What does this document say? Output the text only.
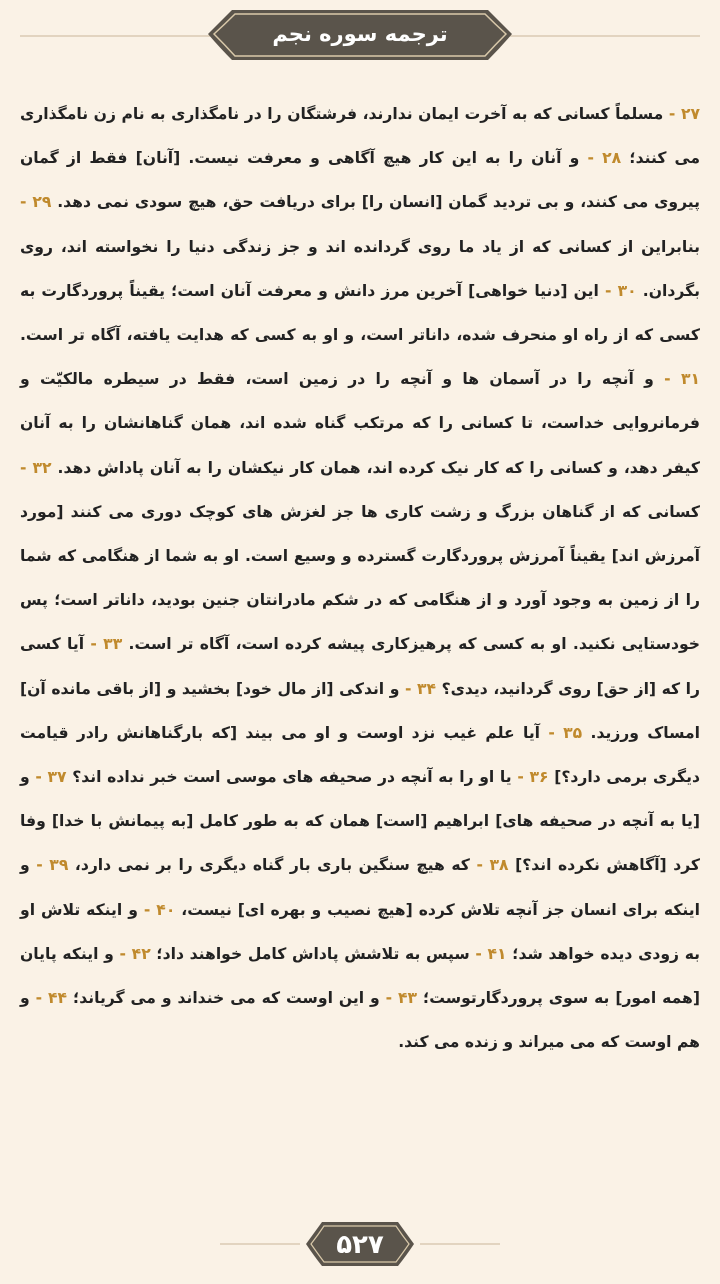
ترجمه سوره نجم
۲۷ - مسلماً کسانی که به آخرت ایمان ندارند، فرشتگان را در نامگذاری به نام زن نامگذاری می کنند؛ ۲۸ - و آنان را به این کار هیچ آگاهی و معرفت نیست. [آنان] فقط از گمان پیروی می کنند، و بی تردید گمان [انسان را] برای دریافت حق، هیچ سودی نمی دهد. ۲۹ - بنابراین از کسانی که از یاد ما روی گردانده اند و جز زندگی دنیا را نخواسته اند، روی بگردان. ۳۰ - این [دنیا خواهی] آخرین مرز دانش و معرفت آنان است؛ یقیناً پروردگارت به کسی که از راه او منحرف شده، داناتر است، و او به کسی که هدایت یافته، آگاه تر است. ۳۱ - و آنچه را در آسمان ها و آنچه را در زمین است، فقط در سیطره مالکیّت و فرمانروایی خداست، تا کسانی را که مرتکب گناه شده اند، همان گناهانشان را به آنان کیفر دهد، و کسانی را که کار نیک کرده اند، همان کار نیکشان را به آنان پاداش دهد. ۳۲ - کسانی که از گناهان بزرگ و زشت کاری ها جز لغزش های کوچک دوری می کنند [مورد آمرزش اند] یقیناً آمرزش پروردگارت گسترده و وسیع است. او به شما از هنگامی که شما را از زمین به وجود آورد و از هنگامی که در شکم مادرانتان جنین بودید، داناتر است؛ پس خودستایی نکنید. او به کسی که پرهیزکاری پیشه کرده است، آگاه تر است. ۳۳ - آیا کسی را که [از حق] روی گردانید، دیدی؟ ۳۴ - و اندکی [از مال خود] بخشید و [از باقی مانده آن] امساک ورزید. ۳۵ - آیا علم غیب نزد اوست و او می بیند [که بارگناهانش رادر قیامت دیگری برمی دارد؟] ۳۶ - یا او را به آنچه در صحیفه های موسی است خبر نداده اند؟ ۳۷ - و [یا به آنچه در صحیفه های] ابراهیم [است] همان که به طور کامل [به پیمانش با خدا] وفا کرد [آگاهش نکرده اند؟] ۳۸ - که هیچ سنگین باری بار گناه دیگری را بر نمی دارد، ۳۹ - و اینکه برای انسان جز آنچه تلاش کرده [هیچ نصیب و بهره ای] نیست، ۴۰ - و اینکه تلاش او به زودی دیده خواهد شد؛ ۴۱ - سپس به تلاشش پاداش کامل خواهند داد؛ ۴۲ - و اینکه پایان [همه امور] به سوی پروردگارتوست؛ ۴۳ - و این اوست که می خنداند و می گریاند؛ ۴۴ - و هم اوست که می میراند و زنده می کند.
۵۲۷
